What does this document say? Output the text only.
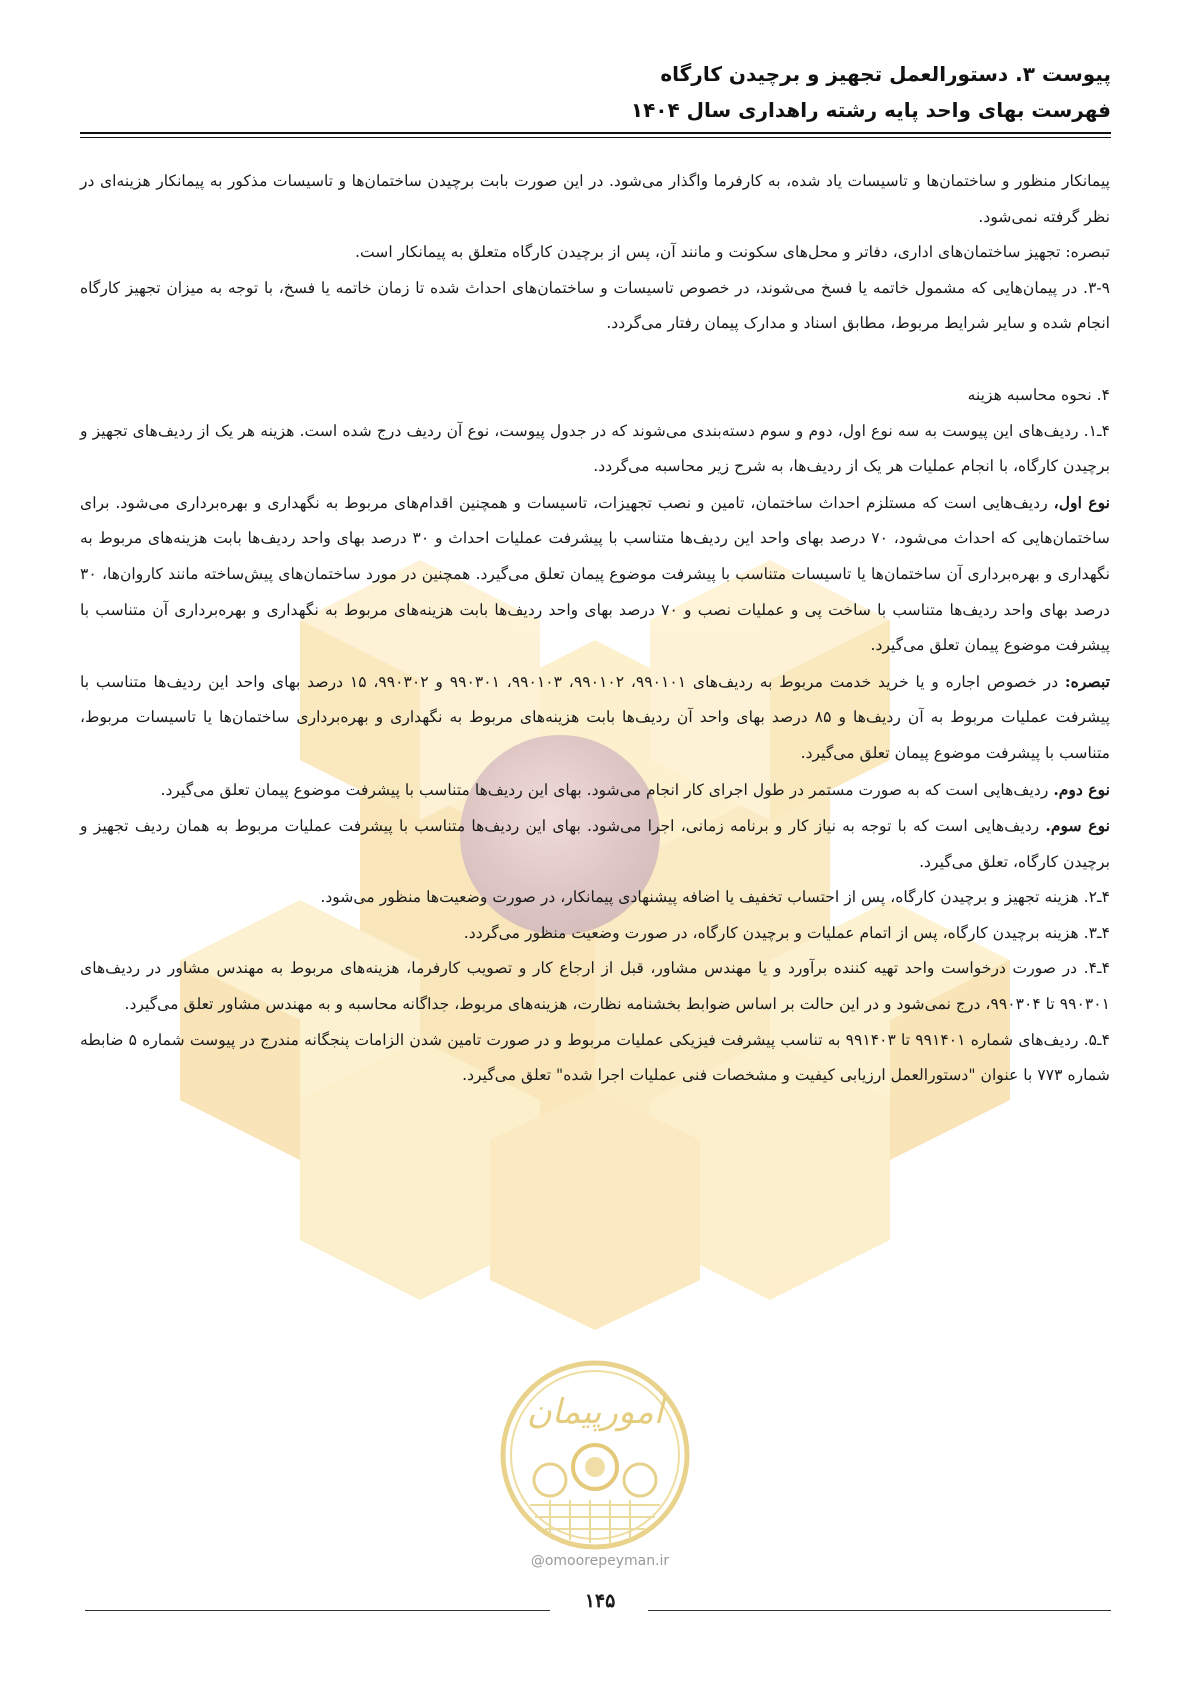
پیوست ۳. دستورالعمل تجهیز و برچیدن کارگاه
فهرست بهای واحد پایه رشته راهداری سال ۱۴۰۴

پیمانکار منظور و ساختمان‌ها و تاسیسات یاد شده، به کارفرما واگذار می‌شود. در این صورت بابت برچیدن ساختمان‌ها و تاسیسات مذکور به پیمانکار هزینه‌ای در نظر گرفته نمی‌شود.

تبصره: تجهیز ساختمان‌های اداری، دفاتر و محل‌های سکونت و مانند آن، پس از برچیدن کارگاه متعلق به پیمانکار است.

۳-۹. در پیمان‌هایی که مشمول خاتمه یا فسخ می‌شوند، در خصوص تاسیسات و ساختمان‌های احداث شده تا زمان خاتمه یا فسخ، با توجه به میزان تجهیز کارگاه انجام شده و سایر شرایط مربوط، مطابق اسناد و مدارک پیمان رفتار می‌گردد.

۴. نحوه محاسبه هزینه

۴ـ۱. ردیف‌های این پیوست به سه نوع اول، دوم و سوم دسته‌بندی می‌شوند که در جدول پیوست، نوع آن ردیف درج شده است. هزینه هر یک از ردیف‌های تجهیز و برچیدن کارگاه، با انجام عملیات هر یک از ردیف‌ها، به شرح زیر محاسبه می‌گردد.

نوع اول، ردیف‌هایی است که مستلزم احداث ساختمان، تامین و نصب تجهیزات، تاسیسات و همچنین اقدام‌های مربوط به نگهداری و بهره‌برداری می‌شود. برای ساختمان‌هایی که احداث می‌شود، ۷۰ درصد بهای واحد این ردیف‌ها متناسب با پیشرفت عملیات احداث و ۳۰ درصد بهای واحد ردیف‌ها بابت هزینه‌های مربوط به نگهداری و بهره‌برداری آن ساختمان‌ها یا تاسیسات متناسب با پیشرفت موضوع پیمان تعلق می‌گیرد. همچنین در مورد ساختمان‌های پیش‌ساخته مانند کاروان‌ها، ۳۰ درصد بهای واحد ردیف‌ها متناسب با ساخت پی و عملیات نصب و ۷۰ درصد بهای واحد ردیف‌ها بابت هزینه‌های مربوط به نگهداری و بهره‌برداری آن متناسب با پیشرفت موضوع پیمان تعلق می‌گیرد.

تبصره: در خصوص اجاره و یا خرید خدمت مربوط به ردیف‌های ۹۹۰۱۰۱، ۹۹۰۱۰۲، ۹۹۰۱۰۳، ۹۹۰۳۰۱ و ۹۹۰۳۰۲، ۱۵ درصد بهای واحد این ردیف‌ها متناسب با پیشرفت عملیات مربوط به آن ردیف‌ها و ۸۵ درصد بهای واحد آن ردیف‌ها بابت هزینه‌های مربوط به نگهداری و بهره‌برداری ساختمان‌ها یا تاسیسات مربوط، متناسب با پیشرفت موضوع پیمان تعلق می‌گیرد.

نوع دوم. ردیف‌هایی است که به صورت مستمر در طول اجرای کار انجام می‌شود. بهای این ردیف‌ها متناسب با پیشرفت موضوع پیمان تعلق می‌گیرد.

نوع سوم. ردیف‌هایی است که با توجه به نیاز کار و برنامه زمانی، اجرا می‌شود. بهای این ردیف‌ها متناسب با پیشرفت عملیات مربوط به همان ردیف تجهیز و برچیدن کارگاه، تعلق می‌گیرد.

۴ـ۲. هزینه تجهیز و برچیدن کارگاه، پس از احتساب تخفیف یا اضافه پیشنهادی پیمانکار، در صورت وضعیت‌ها منظور می‌شود.

۴ـ۳. هزینه برچیدن کارگاه، پس از اتمام عملیات و برچیدن کارگاه، در صورت وضعیت منظور می‌گردد.

۴ـ۴. در صورت درخواست واحد تهیه کننده برآورد و یا مهندس مشاور، قبل از ارجاع کار و تصویب کارفرما، هزینه‌های مربوط به مهندس مشاور در ردیف‌های ۹۹۰۳۰۱ تا ۹۹۰۳۰۴، درج نمی‌شود و در این حالت بر اساس ضوابط بخشنامه نظارت، هزینه‌های مربوط، جداگانه محاسبه و به مهندس مشاور تعلق می‌گیرد.

۴ـ۵. ردیف‌های شماره ۹۹۱۴۰۱ تا ۹۹۱۴۰۳ به تناسب پیشرفت فیزیکی عملیات مربوط و در صورت تامین شدن الزامات پنجگانه مندرج در پیوست شماره ۵ ضابطه شماره ۷۷۳ با عنوان "دستورالعمل ارزیابی کیفیت و مشخصات فنی عملیات اجرا شده" تعلق می‌گیرد.

امورپیمان
@omoorepeyman.ir
۱۴۵
